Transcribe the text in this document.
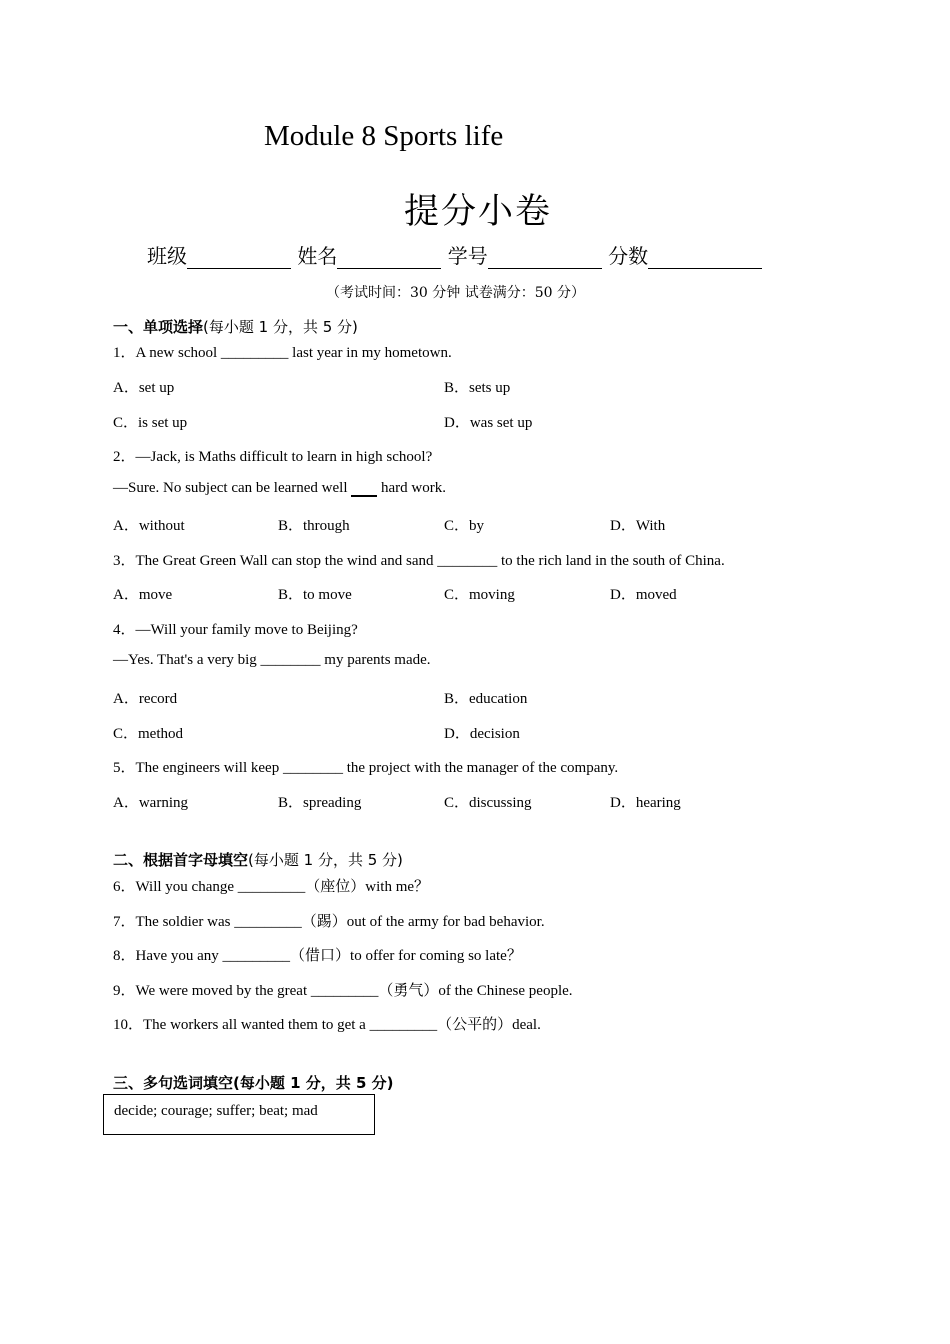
Module 8 Sports life
提分小卷
班级	姓名	学号	分数
（考试时间：30 分钟 试卷满分：50 分）
一、单项选择(每小题 1 分，共 5 分)
1．A new school _________ last year in my hometown.
A．set up	B．sets up
C．is set up	D．was set up
2．—Jack, is Maths difficult to learn in high school?
—Sure. No subject can be learned well  hard work.
A．without	B．through	C．by	D．With
3．The Great Green Wall can stop the wind and sand ________ to the rich land in the south of China.
A．move	B．to move	C．moving	D．moved
4．—Will your family move to Beijing?
—Yes. That's a very big ________ my parents made.
A．record	B．education
C．method	D．decision
5．The engineers will keep ________ the project with the manager of the company.
A．warning	B．spreading	C．discussing	D．hearing
二、根据首字母填空(每小题 1 分，共 5 分)
6．Will you change _________（座位）with me？
7．The soldier was _________（踢）out of the army for bad behavior.
8．Have you any _________（借口）to offer for coming so late？
9．We were moved by the great _________（勇气）of the Chinese people.
10．The workers all wanted them to get a _________（公平的）deal.
三、多句选词填空(每小题 1 分，共 5 分)
decide; courage; suffer; beat; mad
